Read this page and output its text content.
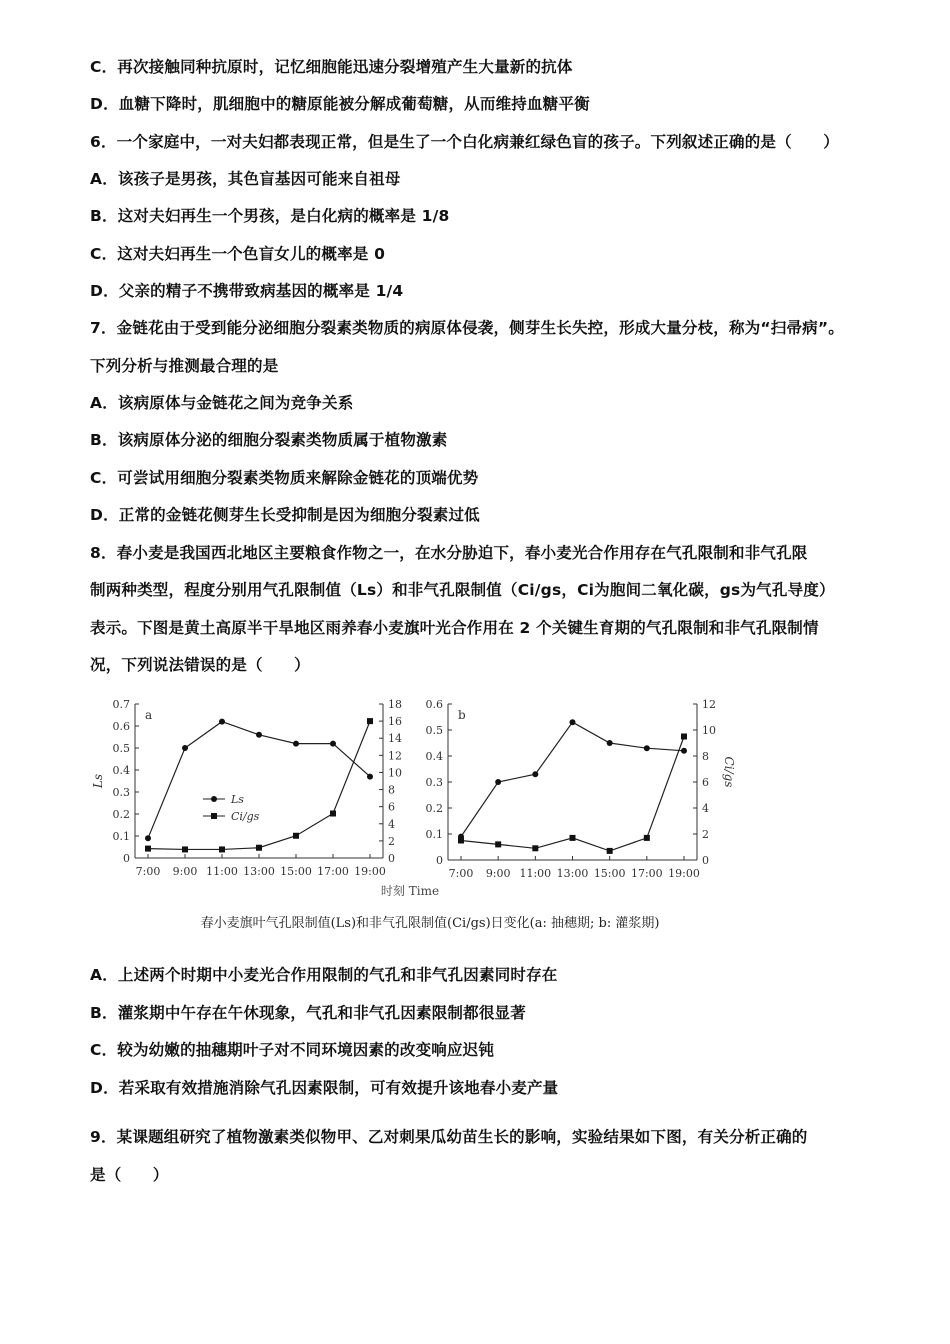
C．再次接触同种抗原时，记忆细胞能迅速分裂增殖产生大量新的抗体
D．血糖下降时，肌细胞中的糖原能被分解成葡萄糖，从而维持血糖平衡
6．一个家庭中，一对夫妇都表现正常，但是生了一个白化病兼红绿色盲的孩子。下列叙述正确的是（　　）
A．该孩子是男孩，其色盲基因可能来自祖母
B．这对夫妇再生一个男孩，是白化病的概率是 1/8
C．这对夫妇再生一个色盲女儿的概率是 0
D．父亲的精子不携带致病基因的概率是 1/4
7．金链花由于受到能分泌细胞分裂素类物质的病原体侵袭，侧芽生长失控，形成大量分枝，称为“扫帚病”。
下列分析与推测最合理的是
A．该病原体与金链花之间为竞争关系
B．该病原体分泌的细胞分裂素类物质属于植物激素
C．可尝试用细胞分裂素类物质来解除金链花的顶端优势
D．正常的金链花侧芽生长受抑制是因为细胞分裂素过低
8．春小麦是我国西北地区主要粮食作物之一，在水分胁迫下，春小麦光合作用存在气孔限制和非气孔限
制两种类型，程度分别用气孔限制值（Ls）和非气孔限制值（Ci/gs，Ci为胞间二氧化碳，gs为气孔导度）
表示。下图是黄土高原半干旱地区雨养春小麦旗叶光合作用在 2 个关键生育期的气孔限制和非气孔限制情
况，下列说法错误的是（　　）
A．上述两个时期中小麦光合作用限制的气孔和非气孔因素同时存在
B．灌浆期中午存在午休现象，气孔和非气孔因素限制都很显著
C．较为幼嫩的抽穗期叶子对不同环境因素的改变响应迟钝
D．若采取有效措施消除气孔因素限制，可有效提升该地春小麦产量
9．某课题组研究了植物激素类似物甲、乙对刺果瓜幼苗生长的影响，实验结果如下图，有关分析正确的
是（　　）
0
0.1
0.2
0.3
0.4
0.5
0.6
0.7
0
2
4
6
8
10
12
14
16
18
7:00 9:00 11:00 13:00 15:00 17:00 19:00
a
Ls
Ls
Ci/gs
0
0.1
0.2
0.3
0.4
0.5
0.6
0
2
4
6
8
10
12
7:00 9:00 11:00 13:00 15:00 17:00 19:00
b
Ci/gs
时刻 Time
春小麦旗叶气孔限制值(Ls)和非气孔限制值(Ci/gs)日变化(a: 抽穗期; b: 灌浆期)
